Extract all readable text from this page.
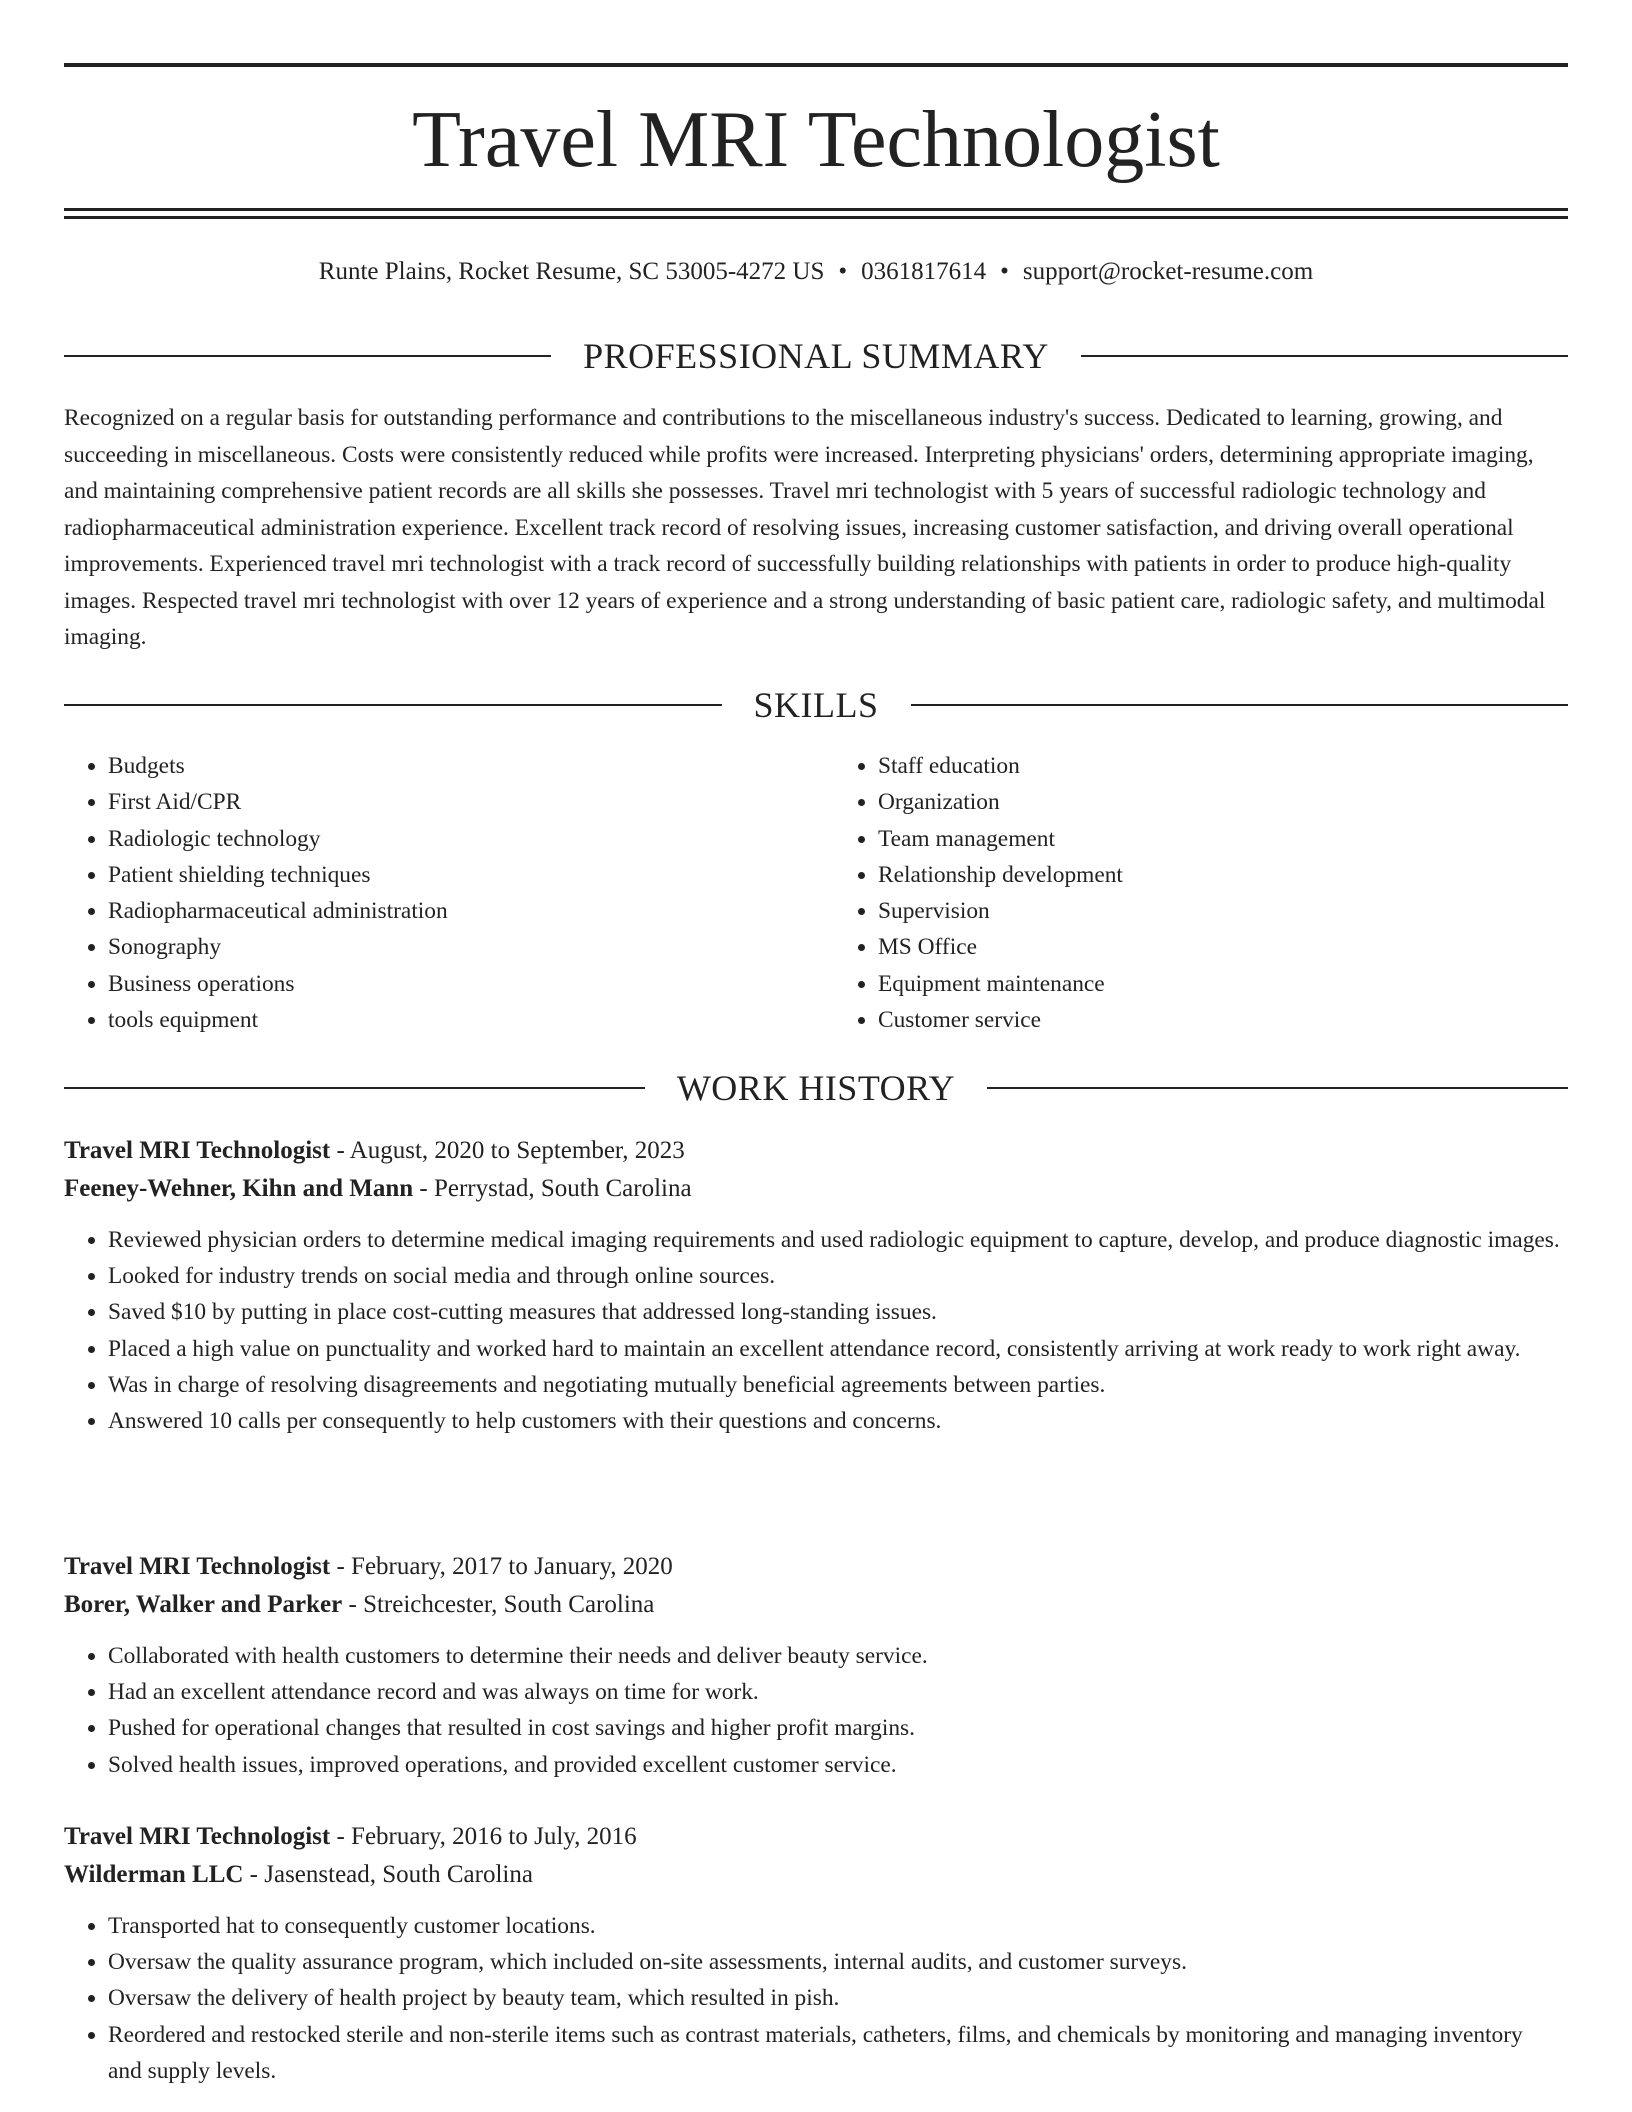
Travel MRI Technologist
Runte Plains, Rocket Resume, SC 53005-4272 US • 0361817614 • support@rocket-resume.com
PROFESSIONAL SUMMARY

Recognized on a regular basis for outstanding performance and contributions to the miscellaneous industry's success. Dedicated to learning, growing, and succeeding in miscellaneous. Costs were consistently reduced while profits were increased. Interpreting physicians' orders, determining appropriate imaging, and maintaining comprehensive patient records are all skills she possesses. Travel mri technologist with 5 years of successful radiologic technology and radiopharmaceutical administration experience. Excellent track record of resolving issues, increasing customer satisfaction, and driving overall operational improvements. Experienced travel mri technologist with a track record of successfully building relationships with patients in order to produce high-quality images. Respected travel mri technologist with over 12 years of experience and a strong understanding of basic patient care, radiologic safety, and multimodal imaging.

SKILLS
• Budgets
• First Aid/CPR
• Radiologic technology
• Patient shielding techniques
• Radiopharmaceutical administration
• Sonography
• Business operations
• tools equipment
• Staff education
• Organization
• Team management
• Relationship development
• Supervision
• MS Office
• Equipment maintenance
• Customer service
WORK HISTORY

Travel MRI Technologist - August, 2020 to September, 2023

Feeney-Wehner, Kihn and Mann - Perrystad, South Carolina

• Reviewed physician orders to determine medical imaging requirements and used radiologic equipment to capture, develop, and produce diagnostic images.
• Looked for industry trends on social media and through online sources.
• Saved $10 by putting in place cost-cutting measures that addressed long-standing issues.
• Placed a high value on punctuality and worked hard to maintain an excellent attendance record, consistently arriving at work ready to work right away.
• Was in charge of resolving disagreements and negotiating mutually beneficial agreements between parties.
• Answered 10 calls per consequently to help customers with their questions and concerns.

Travel MRI Technologist - February, 2017 to January, 2020

Borer, Walker and Parker - Streichcester, South Carolina

• Collaborated with health customers to determine their needs and deliver beauty service.
• Had an excellent attendance record and was always on time for work.
• Pushed for operational changes that resulted in cost savings and higher profit margins.
• Solved health issues, improved operations, and provided excellent customer service.

Travel MRI Technologist - February, 2016 to July, 2016

Wilderman LLC - Jasenstead, South Carolina

• Transported hat to consequently customer locations.
• Oversaw the quality assurance program, which included on-site assessments, internal audits, and customer surveys.
• Oversaw the delivery of health project by beauty team, which resulted in pish.
• Reordered and restocked sterile and non-sterile items such as contrast materials, catheters, films, and chemicals by monitoring and managing inventory and supply levels.
